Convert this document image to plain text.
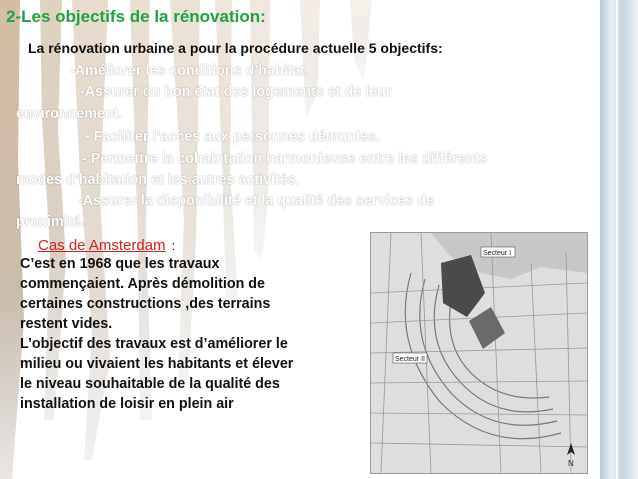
2-Les objectifs de la rénovation:
La rénovation urbaine a pour la procédure actuelle 5 objectifs:
-Améliorer les conditions d’habitat.
-Assurer du bon état des logements et de leur
environnement.
- Faciliter l’accès aux personnes démunies.
- Permettre la cohabitation harmonieuse entre les différents
modes d’habitation et les autres activités.
-Assurer la disponibilité et la qualité des services de
proximité.
Cas de Amsterdam :
C’est en 1968 que les travaux
commençaient. Après démolition de
certaines constructions ,des terrains
restent vides.
L’objectif des travaux est d’améliorer le
milieu ou vivaient les habitants et élever
le niveau souhaitable de la qualité des
installation de loisir en plein air
Secteur I
Secteur II
N
